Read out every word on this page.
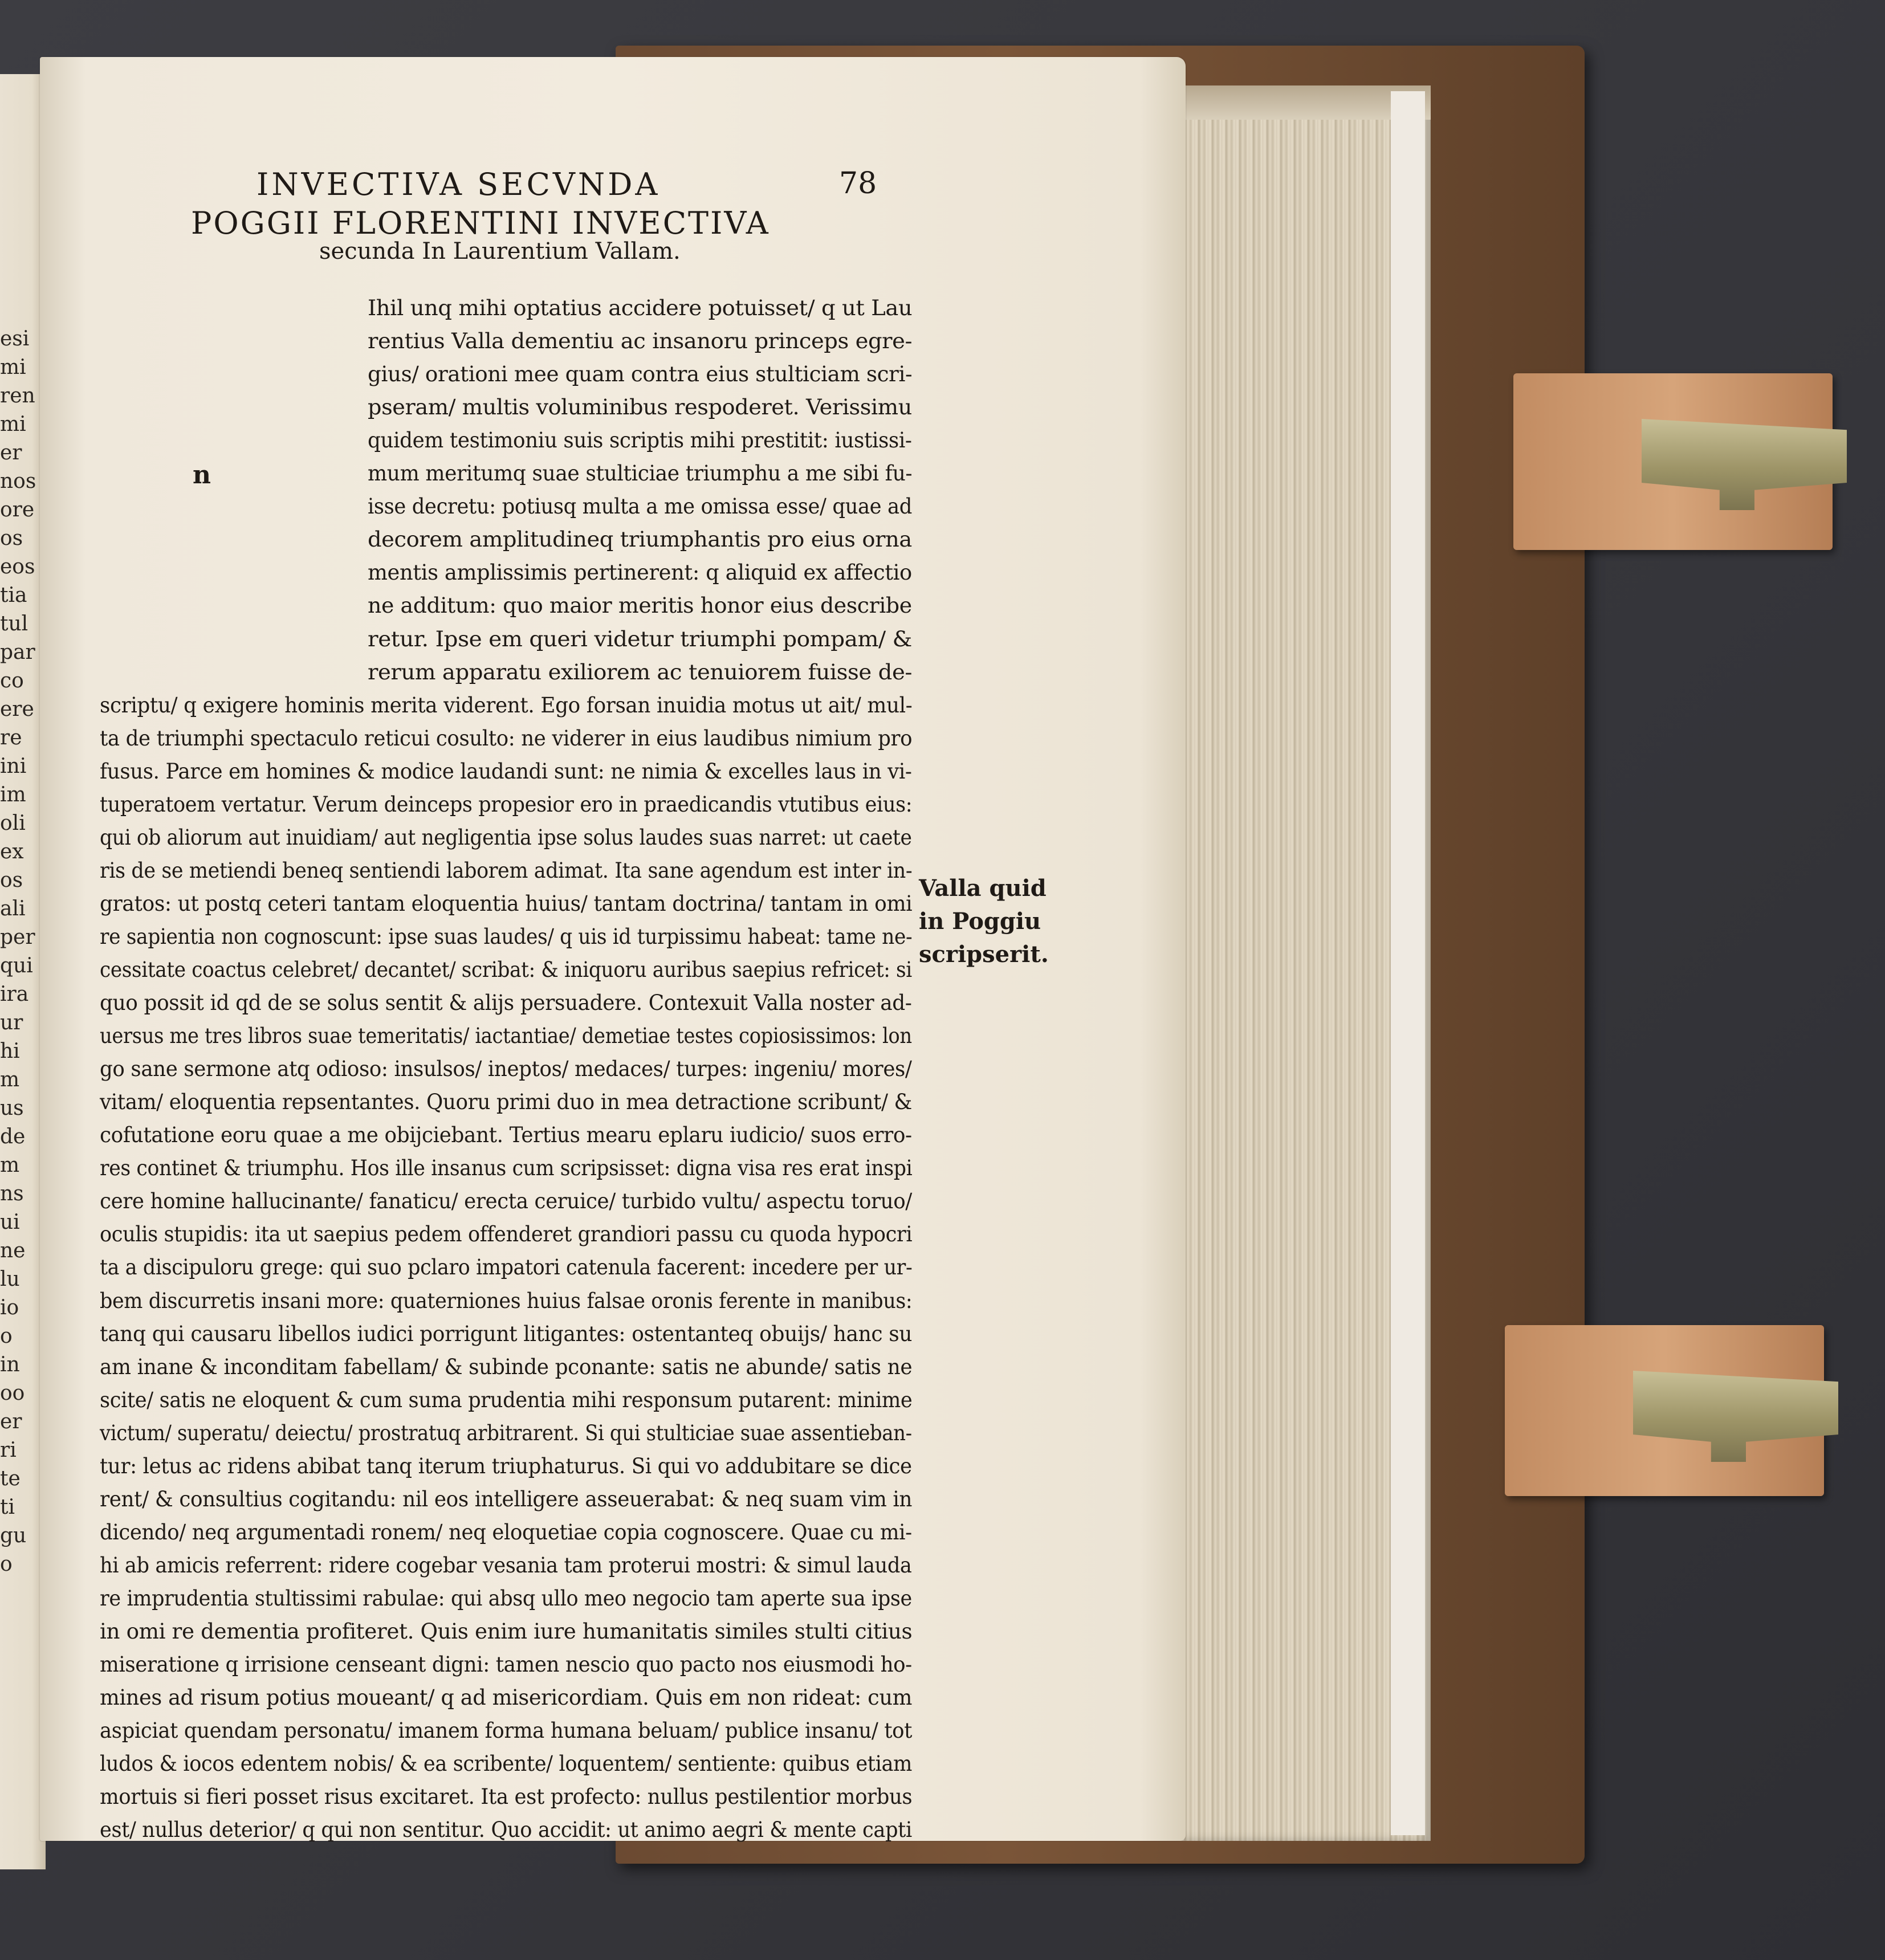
esi
mi
ren
mi
er
nos
ore
os
eos
tia
tul
par
co
ere
re
ini
im
oli
ex
os
ali
per
qui
ira
ur
hi
m
us
de
m
ns
ui
ne
lu
io
o
in
oo
er
ri
te
ti
gu
o
INVECTIVA SECVNDA	78
POGGII FLORENTINI INVECTIVA
secunda In Laurentium Vallam.
n
Ihil unq mihi optatius accidere potuisset/ q ut Lau
rentius Valla dementiu ac insanoru princeps egre-
gius/ orationi mee quam contra eius stulticiam scri-
pseram/ multis voluminibus respoderet. Verissimu
quidem testimoniu suis scriptis mihi prestitit: iustissi-
mum meritumq suae stulticiae triumphu a me sibi fu-
isse decretu: potiusq multa a me omissa esse/ quae ad
decorem amplitudineq triumphantis pro eius orna
mentis amplissimis pertinerent: q aliquid ex affectio
ne additum: quo maior meritis honor eius describe
retur. Ipse em queri videtur triumphi pompam/ &
rerum apparatu exiliorem ac tenuiorem fuisse de-
scriptu/ q exigere hominis merita viderent. Ego forsan inuidia motus ut ait/ mul-
ta de triumphi spectaculo reticui cosulto: ne viderer in eius laudibus nimium pro
fusus. Parce em homines & modice laudandi sunt: ne nimia & excelles laus in vi-
tuperatoem vertatur. Verum deinceps propesior ero in praedicandis vtutibus eius:
qui ob aliorum aut inuidiam/ aut negligentia ipse solus laudes suas narret: ut caete
ris de se metiendi beneq sentiendi laborem adimat. Ita sane agendum est inter in-
gratos: ut postq ceteri tantam eloquentia huius/ tantam doctrina/ tantam in omi
re sapientia non cognoscunt: ipse suas laudes/ q uis id turpissimu habeat: tame ne-
cessitate coactus celebret/ decantet/ scribat: & iniquoru auribus saepius refricet: si
quo possit id qd de se solus sentit & alijs persuadere. Contexuit Valla noster ad-
uersus me tres libros suae temeritatis/ iactantiae/ demetiae testes copiosissimos: lon
go sane sermone atq odioso: insulsos/ ineptos/ medaces/ turpes: ingeniu/ mores/
vitam/ eloquentia repsentantes. Quoru primi duo in mea detractione scribunt/ &
cofutatione eoru quae a me obijciebant. Tertius mearu eplaru iudicio/ suos erro-
res continet & triumphu. Hos ille insanus cum scripsisset: digna visa res erat inspi
cere homine hallucinante/ fanaticu/ erecta ceruice/ turbido vultu/ aspectu toruo/
oculis stupidis: ita ut saepius pedem offenderet grandiori passu cu quoda hypocri
ta a discipuloru grege: qui suo pclaro impatori catenula facerent: incedere per ur-
bem discurretis insani more: quaterniones huius falsae oronis ferente in manibus:
tanq qui causaru libellos iudici porrigunt litigantes: ostentanteq obuijs/ hanc su
am inane & inconditam fabellam/ & subinde pconante: satis ne abunde/ satis ne
scite/ satis ne eloquent & cum suma prudentia mihi responsum putarent: minime
victum/ superatu/ deiectu/ prostratuq arbitrarent. Si qui stulticiae suae assentieban-
tur: letus ac ridens abibat tanq iterum triuphaturus. Si qui vo addubitare se dice
rent/ & consultius cogitandu: nil eos intelligere asseuerabat: & neq suam vim in
dicendo/ neq argumentadi ronem/ neq eloquetiae copia cognoscere. Quae cu mi-
hi ab amicis referrent: ridere cogebar vesania tam proterui mostri: & simul lauda
re imprudentia stultissimi rabulae: qui absq ullo meo negocio tam aperte sua ipse
in omi re dementia profiteret. Quis enim iure humanitatis similes stulti citius
miseratione q irrisione censeant digni: tamen nescio quo pacto nos eiusmodi ho-
mines ad risum potius moueant/ q ad misericordiam. Quis em non rideat: cum
aspiciat quendam personatu/ imanem forma humana beluam/ publice insanu/ tot
ludos & iocos edentem nobis/ & ea scribente/ loquentem/ sentiente: quibus etiam
mortuis si fieri posset risus excitaret. Ita est profecto: nullus pestilentior morbus
est/ nullus deterior/ q qui non sentitur. Quo accidit: ut animo aegri & mente capti
Valla quid
in Poggiu
scripserit.
